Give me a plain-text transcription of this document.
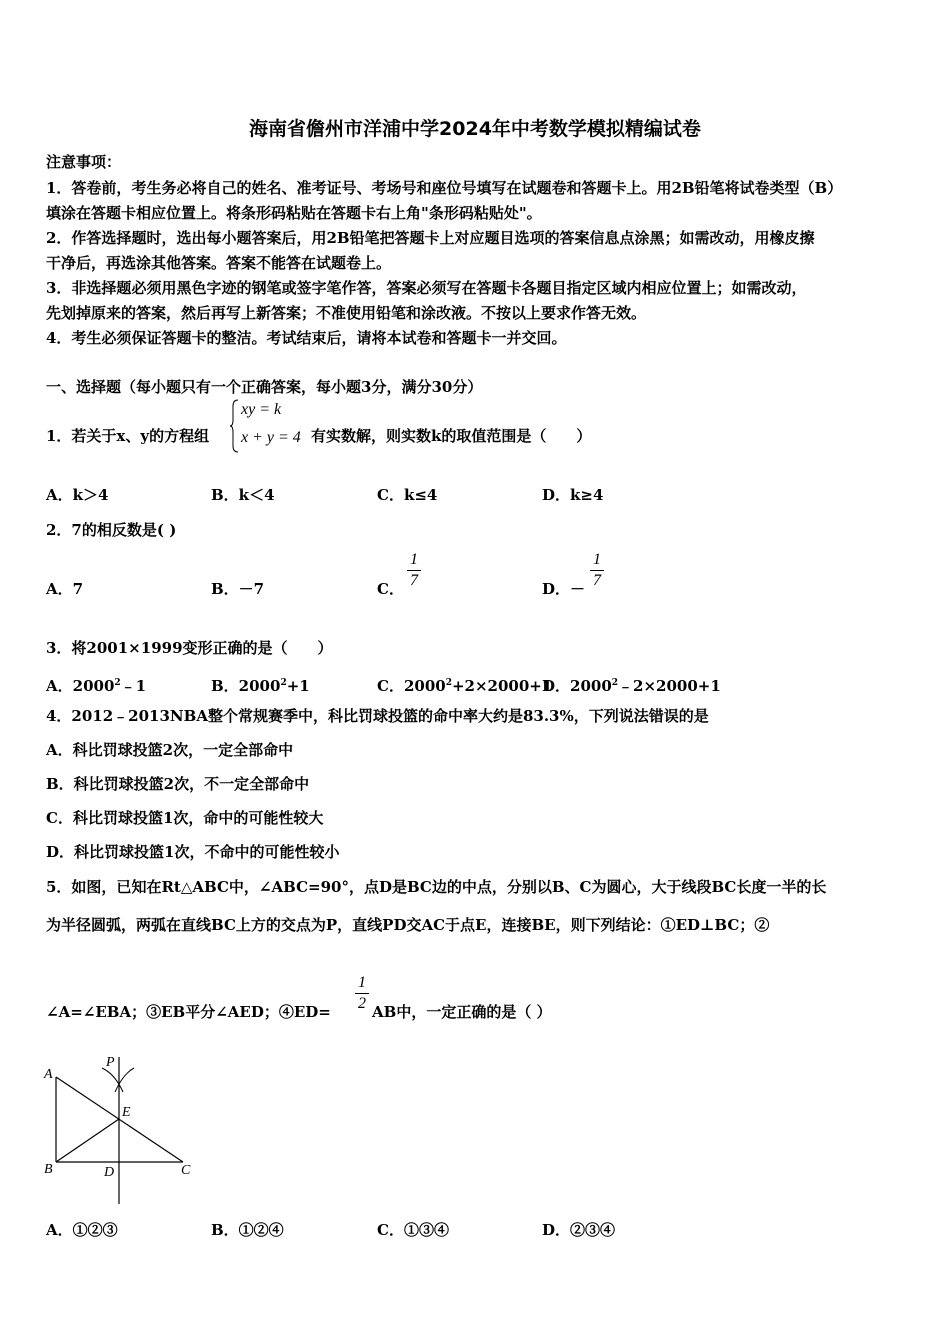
海南省儋州市洋浦中学2024年中考数学模拟精编试卷
注意事项：
1．答卷前，考生务必将自己的姓名、准考证号、考场号和座位号填写在试题卷和答题卡上。用2B铅笔将试卷类型（B）
填涂在答题卡相应位置上。将条形码粘贴在答题卡右上角"条形码粘贴处"。
2．作答选择题时，选出每小题答案后，用2B铅笔把答题卡上对应题目选项的答案信息点涂黑；如需改动，用橡皮擦
干净后，再选涂其他答案。答案不能答在试题卷上。
3．非选择题必须用黑色字迹的钢笔或签字笔作答，答案必须写在答题卡各题目指定区域内相应位置上；如需改动，
先划掉原来的答案，然后再写上新答案；不准使用铅笔和涂改液。不按以上要求作答无效。
4．考生必须保证答题卡的整洁。考试结束后，请将本试卷和答题卡一并交回。
一、选择题（每小题只有一个正确答案，每小题3分，满分30分）
1．若关于x、y的方程组
xy = k
x + y = 4 有实数解，则实数k的取值范围是（　　）
A．k＞4	B．k＜4	C．k≤4	D．k≥4
2．7的相反数是( )
A．7	B．－7	C．
1
7	D．－
1
7
3．将2001×1999变形正确的是（　　）
A．2000$^2$﹣1	B．$2000^2+1$	C．$2000^2+2\times 2000+1$
D．$2000^2﹣2\times 2000+1$
4．2012﹣2013NBA整个常规赛季中，科比罚球投篮的命中率大约是83.3%，下列说法错误的是
A．科比罚球投篮2次，一定全部命中
B．科比罚球投篮2次，不一定全部命中
C．科比罚球投篮1次，命中的可能性较大
D．科比罚球投篮1次，不命中的可能性较小
5．如图，已知在Rt△ABC中，∠ABC=90°，点D是BC边的中点，分别以B、C为圆心，大于线段BC长度一半的长
为半径圆弧，两弧在直线BC上方的交点为P，直线PD交AC于点E，连接BE，则下列结论：①ED⊥BC；②
∠A=∠EBA；③EB平分∠AED；④ED=
1
2 AB中，一定正确的是（ ）
A
B	C
D
E
P
A．①②③	B．①②④	C．①③④	D．②③④
